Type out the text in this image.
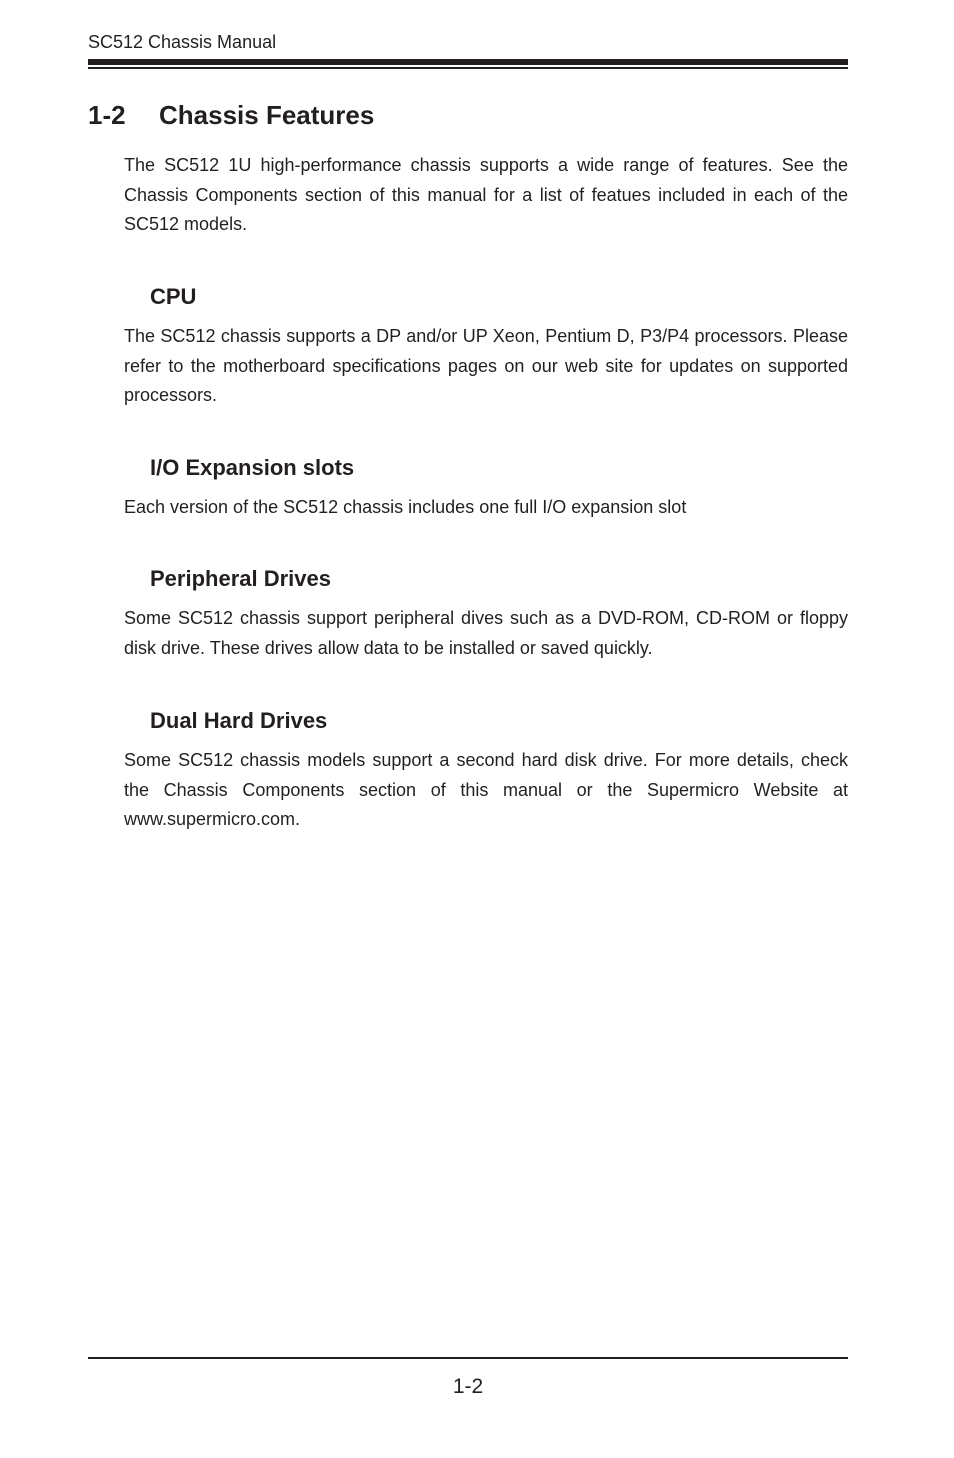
SC512 Chassis Manual
1-2 Chassis Features

The SC512 1U high-performance chassis supports a wide range of features. See the Chassis Components section of this manual for a list of featues included in each of the SC512 models.

CPU

The SC512 chassis supports a DP and/or UP Xeon, Pentium D, P3/P4 processors. Please refer to the motherboard specifications pages on our web site for updates on supported processors.

I/O Expansion slots

Each version of the SC512 chassis includes one full I/O expansion slot

Peripheral Drives

Some SC512 chassis support peripheral dives such as a DVD-ROM, CD-ROM or floppy disk drive. These drives allow data to be installed or saved quickly.

Dual Hard Drives

Some SC512 chassis models support a second hard disk drive. For more details, check the Chassis Components section of this manual or the Supermicro Website at www.supermicro.com.

1-2
